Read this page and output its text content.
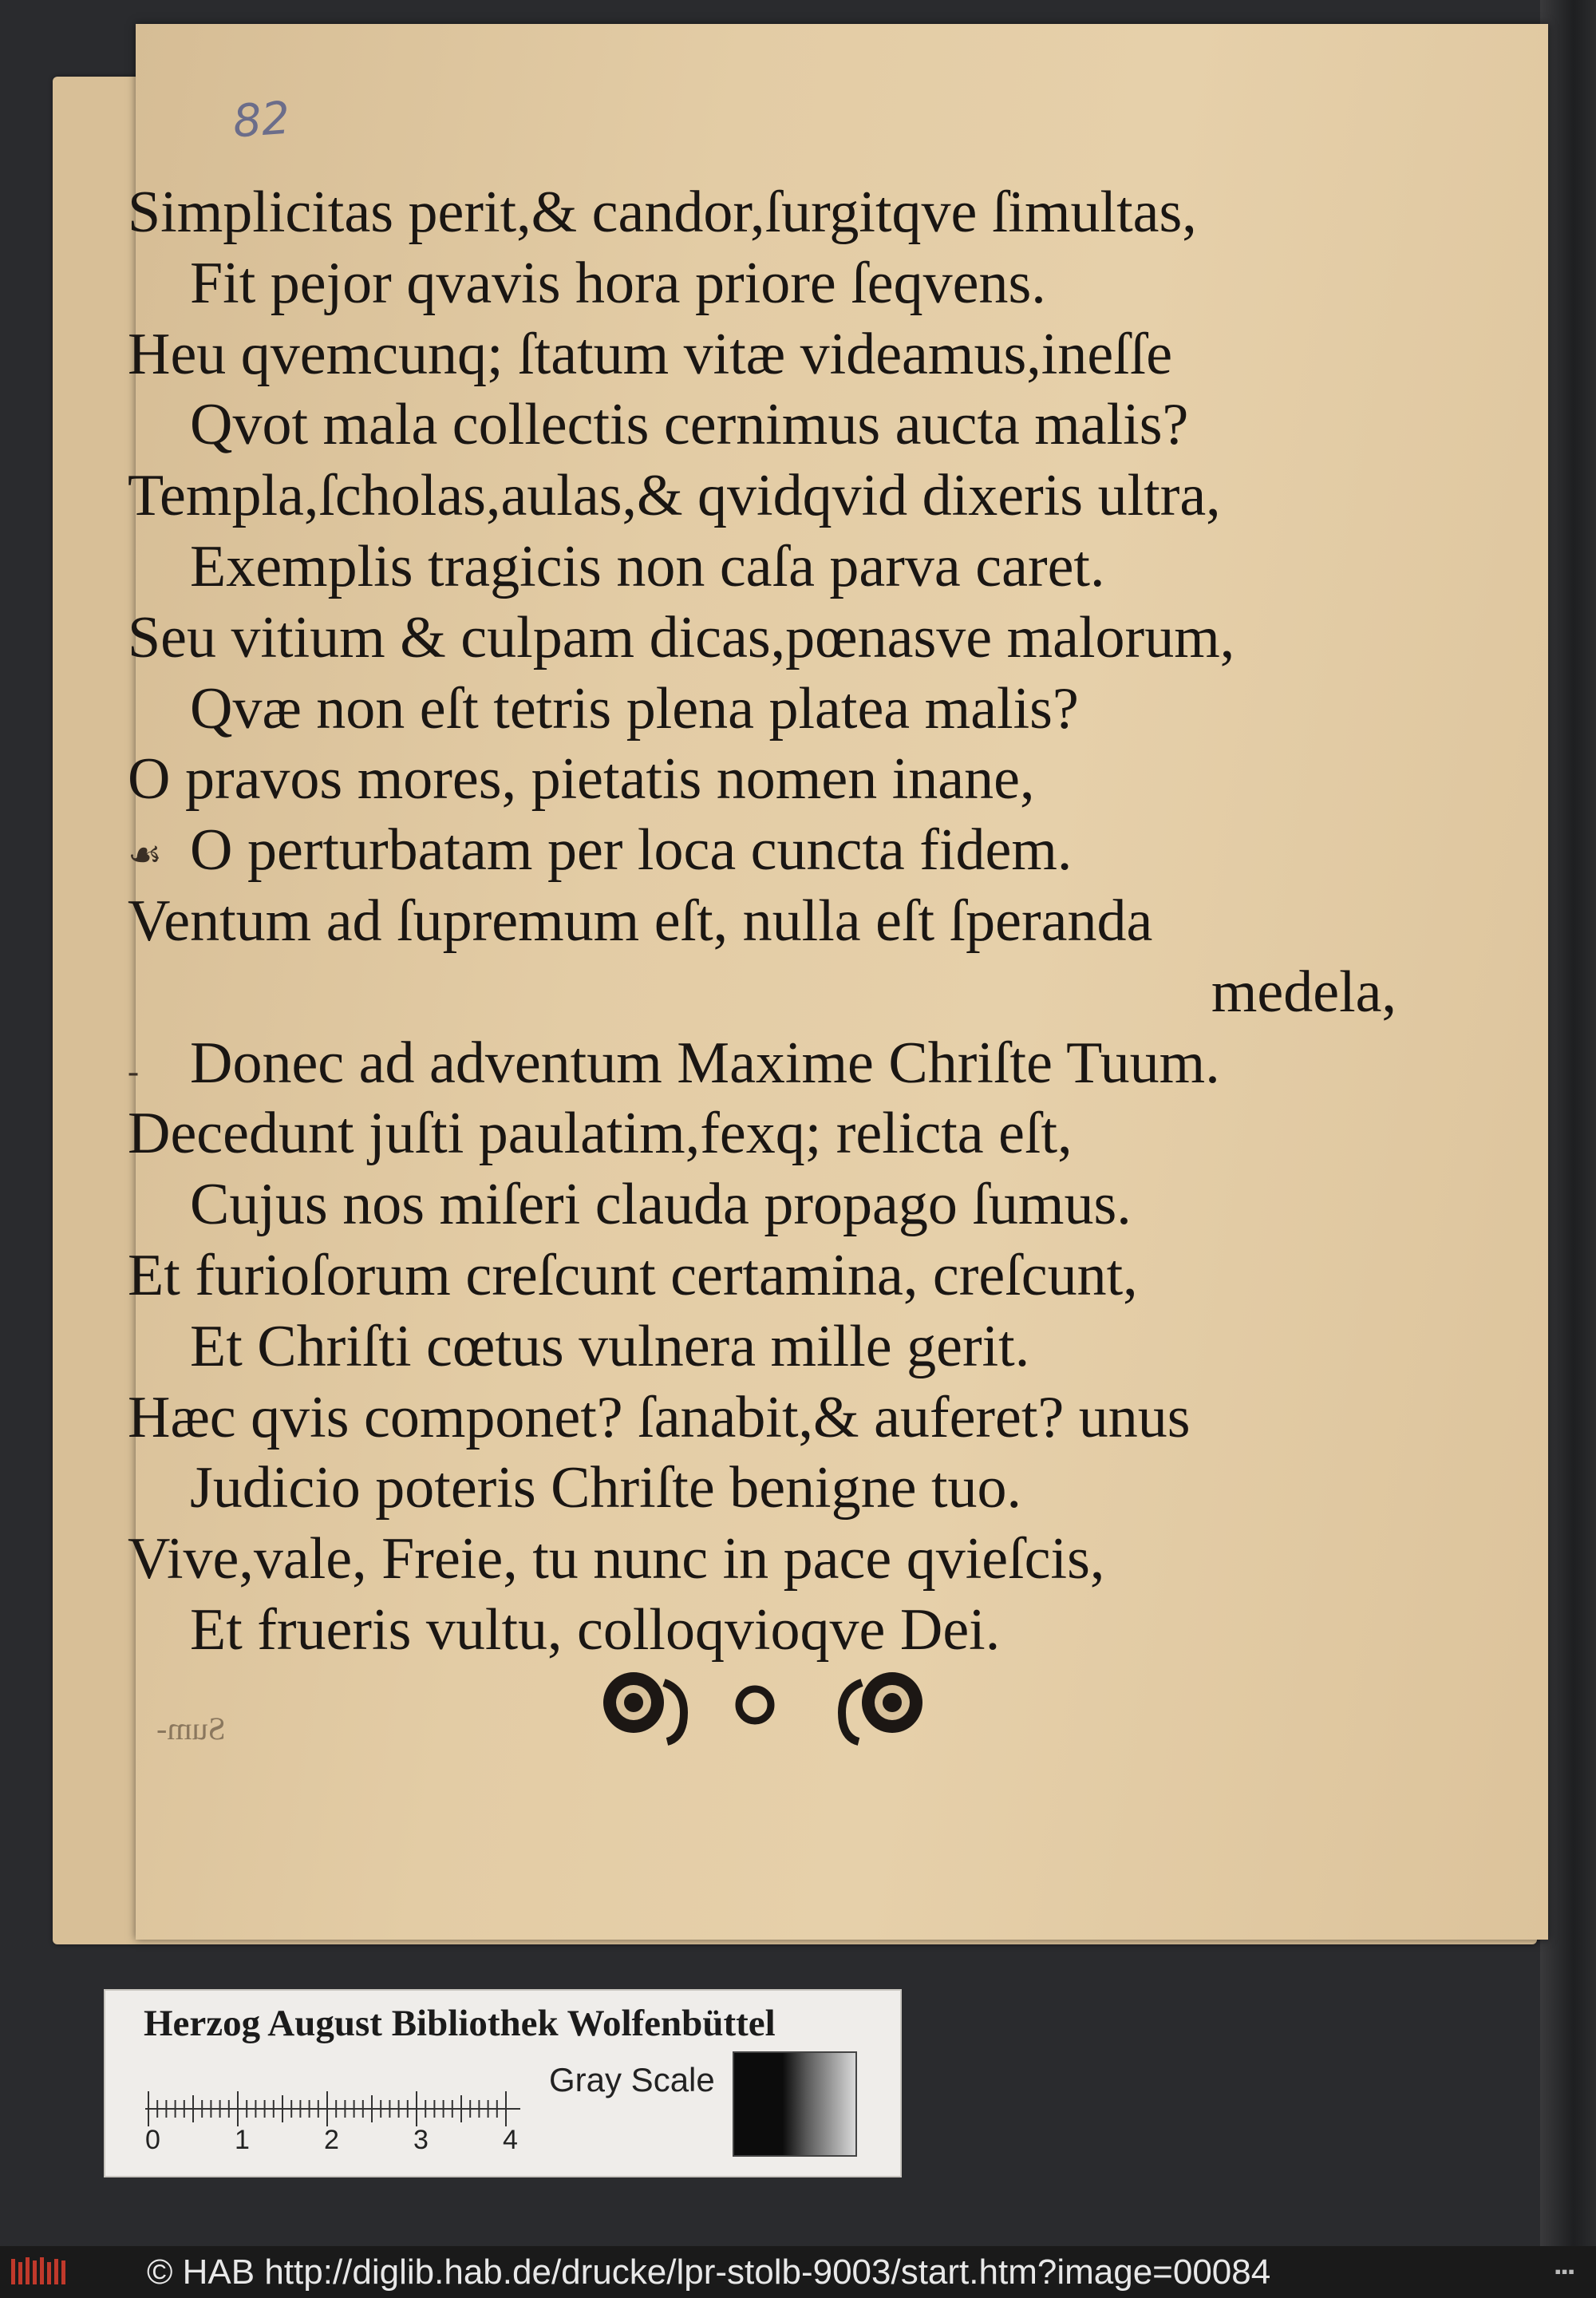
82
Simplicitas perit,& candor,ſurgitqve ſimultas,
Fit pejor qvavis hora priore ſeqvens.
Heu qvemcunq; ſtatum vitæ videamus,ineſſe
Qvot mala collectis cernimus aucta malis?
Templa,ſcholas,aulas,& qvidqvid dixeris ultra,
Exemplis tragicis non caſa parva caret.
Seu vitium & culpam dicas,pœnasve malorum,
Qvæ non eſt tetris plena platea malis?
O pravos mores, pietatis nomen inane,
☙ O perturbatam per loca cuncta fidem.
Ventum ad ſupremum eſt, nulla eſt ſperanda
medela,
- Donec ad adventum Maxime Chriſte Tuum.
Decedunt juſti paulatim,fexq; relicta eſt,
Cujus nos miſeri clauda propago ſumus.
Et furioſorum creſcunt certamina, creſcunt,
Et Chriſti cœtus vulnera mille gerit.
Hæc qvis componet? ſanabit,& auferet? unus
Judicio poteris Chriſte benigne tuo.
Vive,vale, Freie, tu nunc in pace qvieſcis,
Et frueris vultu, colloqvioqve Dei.
Sum-
Herzog August Bibliothek Wolfenbüttel
0	1	2	3	4
Gray Scale
© HAB http://diglib.hab.de/drucke/lpr-stolb-9003/start.htm?image=00084	▪▪▪
